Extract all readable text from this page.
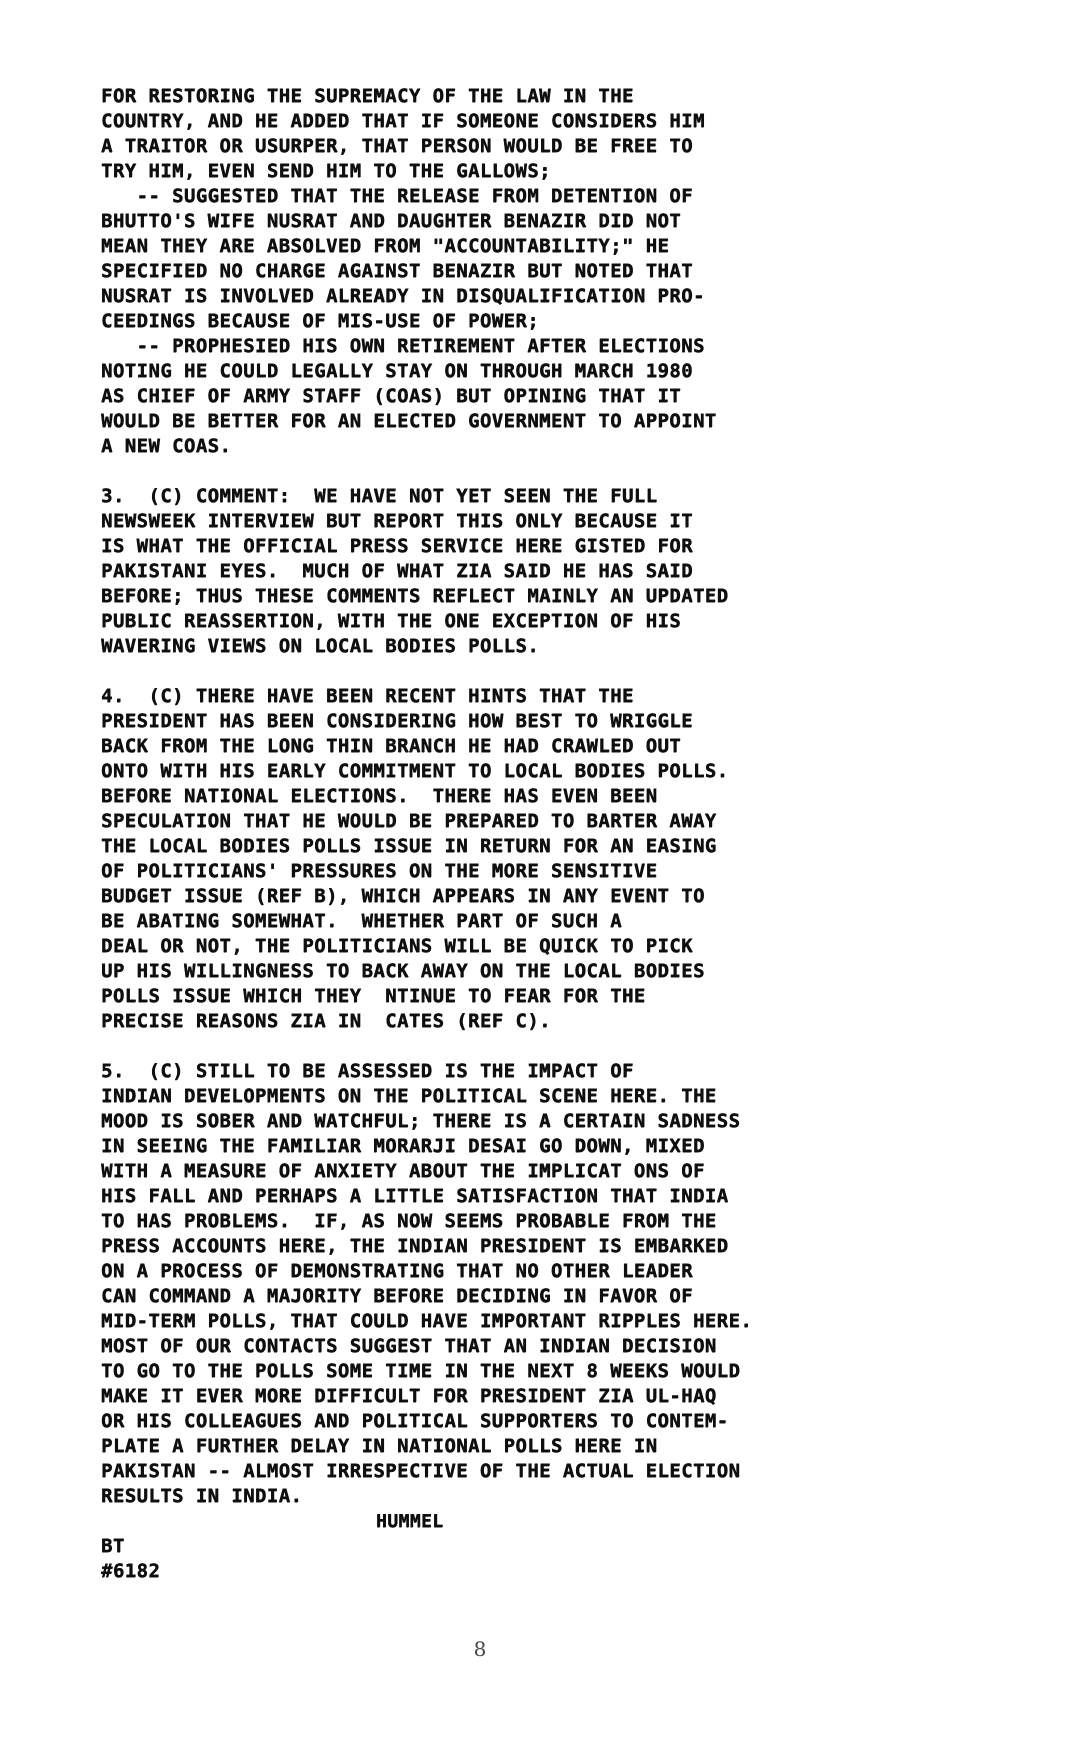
FOR RESTORING THE SUPREMACY OF THE LAW IN THE
COUNTRY, AND HE ADDED THAT IF SOMEONE CONSIDERS HIM
A TRAITOR OR USURPER, THAT PERSON WOULD BE FREE TO
TRY HIM, EVEN SEND HIM TO THE GALLOWS;
-- SUGGESTED THAT THE RELEASE FROM DETENTION OF
BHUTTO'S WIFE NUSRAT AND DAUGHTER BENAZIR DID NOT
MEAN THEY ARE ABSOLVED FROM "ACCOUNTABILITY;" HE
SPECIFIED NO CHARGE AGAINST BENAZIR BUT NOTED THAT
NUSRAT IS INVOLVED ALREADY IN DISQUALIFICATION PRO-
CEEDINGS BECAUSE OF MIS-USE OF POWER;
-- PROPHESIED HIS OWN RETIREMENT AFTER ELECTIONS
NOTING HE COULD LEGALLY STAY ON THROUGH MARCH 1980
AS CHIEF OF ARMY STAFF (COAS) BUT OPINING THAT IT
WOULD BE BETTER FOR AN ELECTED GOVERNMENT TO APPOINT
A NEW COAS.
3.  (C) COMMENT:  WE HAVE NOT YET SEEN THE FULL
NEWSWEEK INTERVIEW BUT REPORT THIS ONLY BECAUSE IT
IS WHAT THE OFFICIAL PRESS SERVICE HERE GISTED FOR
PAKISTANI EYES.  MUCH OF WHAT ZIA SAID HE HAS SAID
BEFORE; THUS THESE COMMENTS REFLECT MAINLY AN UPDATED
PUBLIC REASSERTION, WITH THE ONE EXCEPTION OF HIS
WAVERING VIEWS ON LOCAL BODIES POLLS.
4.  (C) THERE HAVE BEEN RECENT HINTS THAT THE
PRESIDENT HAS BEEN CONSIDERING HOW BEST TO WRIGGLE
BACK FROM THE LONG THIN BRANCH HE HAD CRAWLED OUT
ONTO WITH HIS EARLY COMMITMENT TO LOCAL BODIES POLLS.
BEFORE NATIONAL ELECTIONS.  THERE HAS EVEN BEEN
SPECULATION THAT HE WOULD BE PREPARED TO BARTER AWAY
THE LOCAL BODIES POLLS ISSUE IN RETURN FOR AN EASING
OF POLITICIANS' PRESSURES ON THE MORE SENSITIVE
BUDGET ISSUE (REF B), WHICH APPEARS IN ANY EVENT TO
BE ABATING SOMEWHAT.  WHETHER PART OF SUCH A
DEAL OR NOT, THE POLITICIANS WILL BE QUICK TO PICK
UP HIS WILLINGNESS TO BACK AWAY ON THE LOCAL BODIES
POLLS ISSUE WHICH THEY  NTINUE TO FEAR FOR THE
PRECISE REASONS ZIA IN  CATES (REF C).
5.  (C) STILL TO BE ASSESSED IS THE IMPACT OF
INDIAN DEVELOPMENTS ON THE POLITICAL SCENE HERE. THE
MOOD IS SOBER AND WATCHFUL; THERE IS A CERTAIN SADNESS
IN SEEING THE FAMILIAR MORARJI DESAI GO DOWN, MIXED
WITH A MEASURE OF ANXIETY ABOUT THE IMPLICAT ONS OF
HIS FALL AND PERHAPS A LITTLE SATISFACTION THAT INDIA
TO HAS PROBLEMS.  IF, AS NOW SEEMS PROBABLE FROM THE
PRESS ACCOUNTS HERE, THE INDIAN PRESIDENT IS EMBARKED
ON A PROCESS OF DEMONSTRATING THAT NO OTHER LEADER
CAN COMMAND A MAJORITY BEFORE DECIDING IN FAVOR OF
MID-TERM POLLS, THAT COULD HAVE IMPORTANT RIPPLES HERE.
MOST OF OUR CONTACTS SUGGEST THAT AN INDIAN DECISION
TO GO TO THE POLLS SOME TIME IN THE NEXT 8 WEEKS WOULD
MAKE IT EVER MORE DIFFICULT FOR PRESIDENT ZIA UL-HAQ
OR HIS COLLEAGUES AND POLITICAL SUPPORTERS TO CONTEM-
PLATE A FURTHER DELAY IN NATIONAL POLLS HERE IN
PAKISTAN -- ALMOST IRRESPECTIVE OF THE ACTUAL ELECTION
RESULTS IN INDIA.
HUMMEL
BT
#6182
8
